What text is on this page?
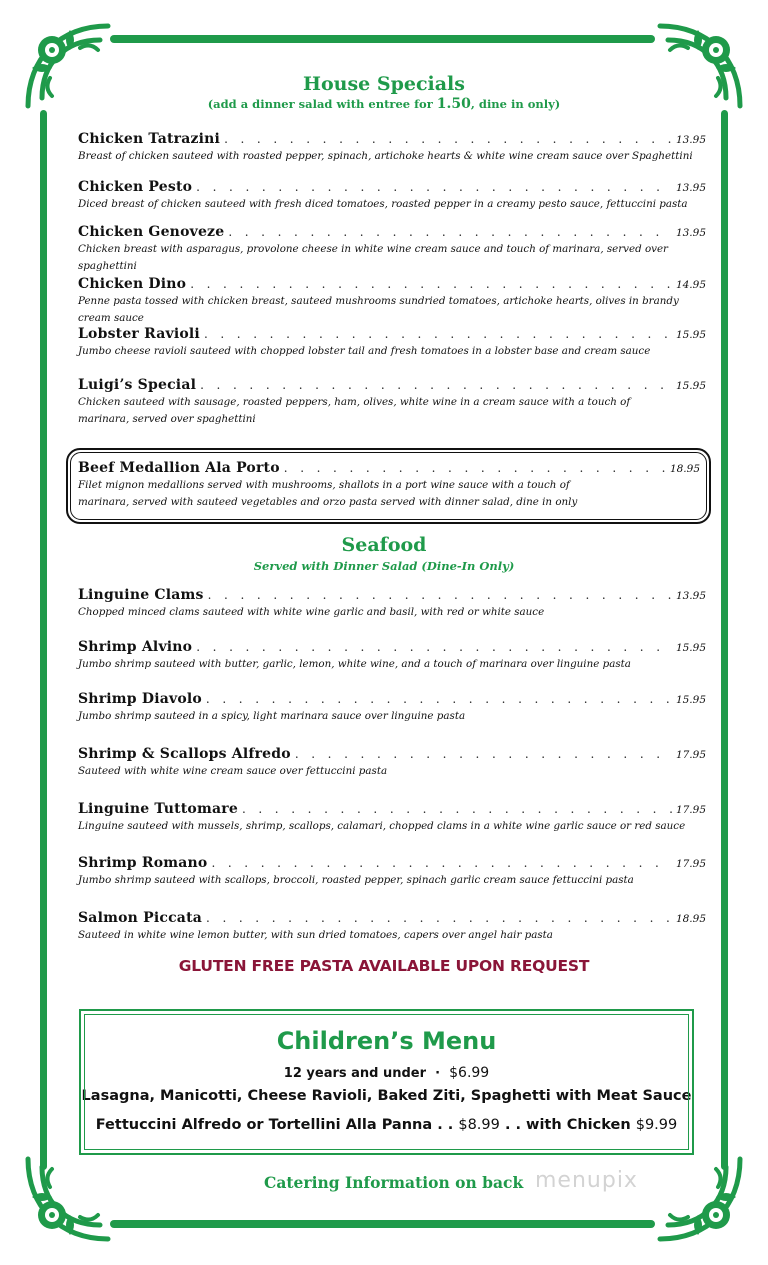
House Specials
(add a dinner salad with entree for 1.50, dine in only)
Chicken Tatrazini . . .	13.95
Breast of chicken sauteed with roasted pepper, spinach, artichoke hearts & white wine cream sauce over Spaghettini
Chicken Pesto . . .	13.95
Diced breast of chicken sauteed with fresh diced tomatoes, roasted pepper in a creamy pesto sauce, fettuccini pasta
Chicken Genoveze . . .	13.95
Chicken breast with asparagus, provolone cheese in white wine cream sauce and touch of marinara, served over spaghettini
Chicken Dino . . .	14.95
Penne pasta tossed with chicken breast, sauteed mushrooms sundried tomatoes, artichoke hearts, olives in brandy cream sauce
Lobster Ravioli . . .	15.95
Jumbo cheese ravioli sauteed with chopped lobster tail and fresh tomatoes in a lobster base and cream sauce
Luigi’s Special . . .	15.95
Chicken sauteed with sausage, roasted peppers, ham, olives, white wine in a cream sauce with a touch of marinara, served over spaghettini
Beef Medallion Ala Porto . . .	18.95
Filet mignon medallions served with mushrooms, shallots in a port wine sauce with a touch of marinara, served with sauteed vegetables and orzo pasta served with dinner salad, dine in only
Seafood
Served with Dinner Salad (Dine-In Only)
Linguine Clams . . .	13.95
Chopped minced clams sauteed with white wine garlic and basil, with red or white sauce
Shrimp Alvino . . .	15.95
Jumbo shrimp sauteed with butter, garlic, lemon, white wine, and a touch of marinara over linguine pasta
Shrimp Diavolo . . .	15.95
Jumbo shrimp sauteed in a spicy, light marinara sauce over linguine pasta
Shrimp & Scallops Alfredo . . .	17.95
Sauteed with white wine cream sauce over fettuccini pasta
Linguine Tuttomare . . .	17.95
Linguine sauteed with mussels, shrimp, scallops, calamari, chopped clams in a white wine garlic sauce or red sauce
Shrimp Romano . . .	17.95
Jumbo shrimp sauteed with scallops, broccoli, roasted pepper, spinach garlic cream sauce fettuccini pasta
Salmon Piccata . . .	18.95
Sauteed in white wine lemon butter, with sun dried tomatoes, capers over angel hair pasta
GLUTEN FREE PASTA AVAILABLE UPON REQUEST
Children’s Menu
12 years and under · $6.99
Lasagna, Manicotti, Cheese Ravioli, Baked Ziti, Spaghetti with Meat Sauce
Fettuccini Alfredo or Tortellini Alla Panna . . $8.99 . . with Chicken $9.99
Catering Information on back menupix
